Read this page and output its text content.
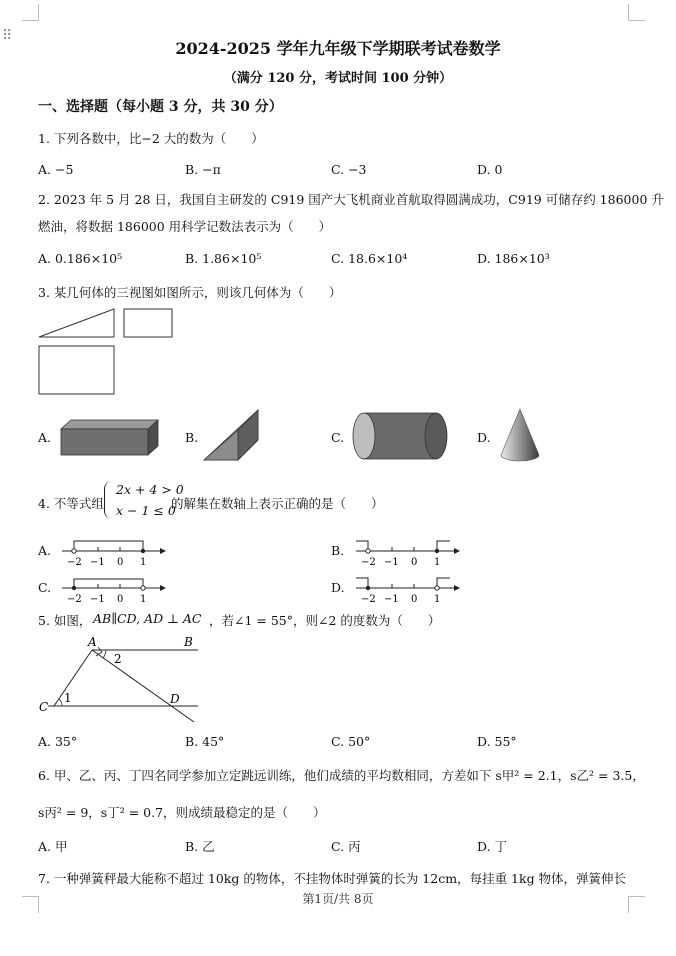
⠿
2024-2025 学年九年级下学期联考试卷数学
（满分 120 分，考试时间 100 分钟）
一、选择题（每小题 3 分，共 30 分）
1. 下列各数中，比−2 大的数为（　　）
A. −5	B. −π	C. −3	D. 0
2. 2023 年 5 月 28 日，我国自主研发的 C919 国产大飞机商业首航取得圆满成功，C919 可储存约 186000 升
燃油，将数据 186000 用科学记数法表示为（　　）
A. 0.186×10⁵	B. 1.86×10⁵	C. 18.6×10⁴	D. 186×10³
3. 某几何体的三视图如图所示，则该几何体为（　　）
A.	B.	C.	D.
4. 不等式组
2x + 4 > 0
x − 1 ≤ 0
的解集在数轴上表示正确的是（　　）
A.	B.
C.	D.
−2 −1 0 1	−2 −1 0 1
−2 −1 0 1	−2 −1 0 1
5. 如图， AB∥CD, AD ⊥ AC ，若∠1 = 55°，则∠2 的度数为（　　）
A	B
C
D
1
2
A. 35°	B. 45°	C. 50°	D. 55°
6. 甲、乙、丙、丁四名同学参加立定跳远训练，他们成绩的平均数相同，方差如下 s甲² = 2.1，s乙² = 3.5，
s丙² = 9，s丁² = 0.7，则成绩最稳定的是（　　）
A. 甲	B. 乙	C. 丙	D. 丁
7. 一种弹簧秤最大能称不超过 10kg 的物体，不挂物体时弹簧的长为 12cm，每挂重 1kg 物体，弹簧伸长
第1页/共 8页
